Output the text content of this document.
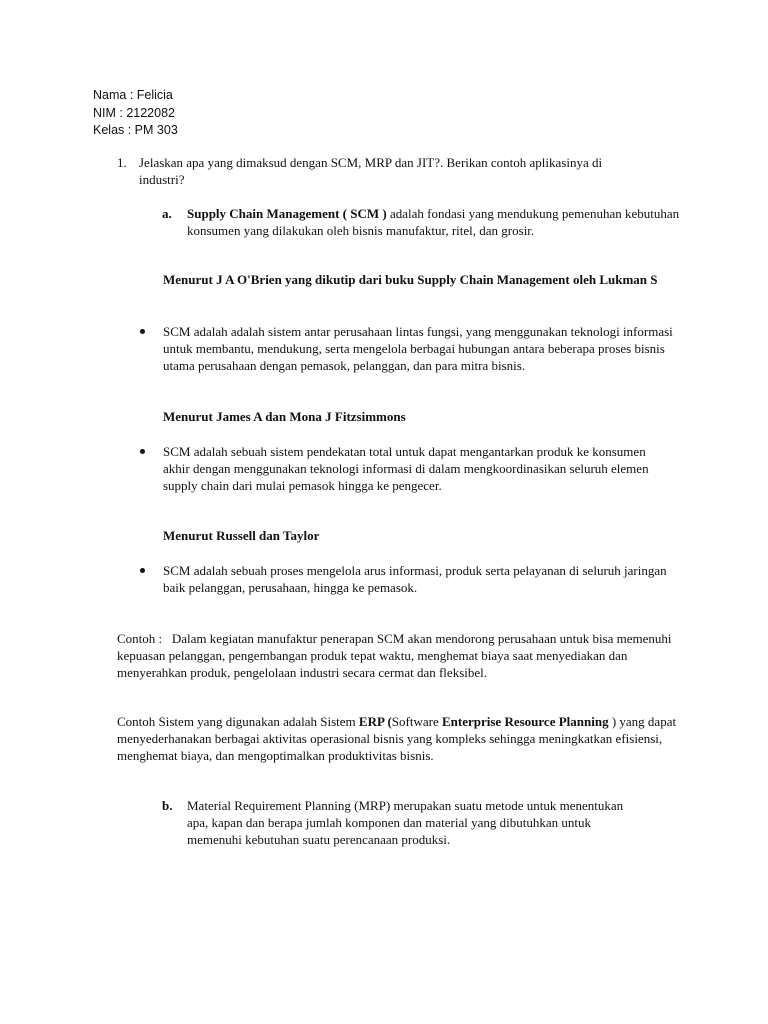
Nama : Felicia
NIM : 2122082
Kelas : PM 303
1. Jelaskan apa yang dimaksud dengan SCM, MRP dan JIT?. Berikan contoh aplikasinya di industri?
a. Supply Chain Management ( SCM ) adalah fondasi yang mendukung pemenuhan kebutuhan konsumen yang dilakukan oleh bisnis manufaktur, ritel, dan grosir.
Menurut J A O'Brien yang dikutip dari buku Supply Chain Management oleh Lukman S
SCM adalah adalah sistem antar perusahaan lintas fungsi, yang menggunakan teknologi informasi untuk membantu, mendukung, serta mengelola berbagai hubungan antara beberapa proses bisnis utama perusahaan dengan pemasok, pelanggan, dan para mitra bisnis.
Menurut James A dan Mona J Fitzsimmons
SCM adalah sebuah sistem pendekatan total untuk dapat mengantarkan produk ke konsumen akhir dengan menggunakan teknologi informasi di dalam mengkoordinasikan seluruh elemen supply chain dari mulai pemasok hingga ke pengecer.
Menurut Russell dan Taylor
SCM adalah sebuah proses mengelola arus informasi, produk serta pelayanan di seluruh jaringan baik pelanggan, perusahaan, hingga ke pemasok.
Contoh :   Dalam kegiatan manufaktur penerapan SCM akan mendorong perusahaan untuk bisa memenuhi kepuasan pelanggan, pengembangan produk tepat waktu, menghemat biaya saat menyediakan dan menyerahkan produk, pengelolaan industri secara cermat dan fleksibel.
Contoh Sistem yang digunakan adalah Sistem ERP (Software Enterprise Resource Planning ) yang dapat menyederhanakan berbagai aktivitas operasional bisnis yang kompleks sehingga meningkatkan efisiensi, menghemat biaya, dan mengoptimalkan produktivitas bisnis.
b. Material Requirement Planning (MRP) merupakan suatu metode untuk menentukan apa, kapan dan berapa jumlah komponen dan material yang dibutuhkan untuk memenuhi kebutuhan suatu perencanaan produksi.
